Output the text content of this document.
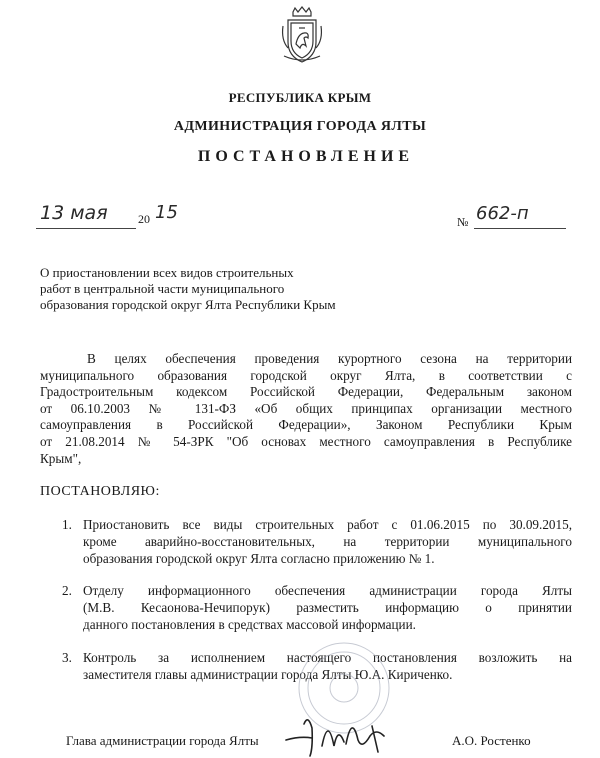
РЕСПУБЛИКА КРЫМ
АДМИНИСТРАЦИЯ ГОРОДА ЯЛТЫ
ПОСТАНОВЛЕНИЕ
13 мая	20 15	№ 662-п
О приостановлении всех видов строительных
работ в центральной части муниципального
образования городской округ Ялта Республики Крым
В целях обеспечения проведения курортного сезона на территории
муниципального образования городской округ Ялта, в соответствии с
Градостроительным кодексом Российской Федерации, Федеральным законом
от 06.10.2003 № 131-ФЗ «Об общих принципах организации местного
самоуправления в Российской Федерации», Законом Республики Крым
от 21.08.2014 № 54-ЗРК "Об основах местного самоуправления в Республике
Крым",
ПОСТАНОВЛЯЮ:
1. Приостановить все виды строительных работ с 01.06.2015 по 30.09.2015,
кроме аварийно-восстановительных, на территории муниципального
образования городской округ Ялта согласно приложению № 1.
2. Отделу информационного обеспечения администрации города Ялты
(М.В. Кесаонова-Нечипорук) разместить информацию о принятии
данного постановления в средствах массовой информации.
3. Контроль за исполнением настоящего постановления возложить на
заместителя главы администрации города Ялты Ю.А. Кириченко.
Глава администрации города Ялты	А.О. Ростенко
